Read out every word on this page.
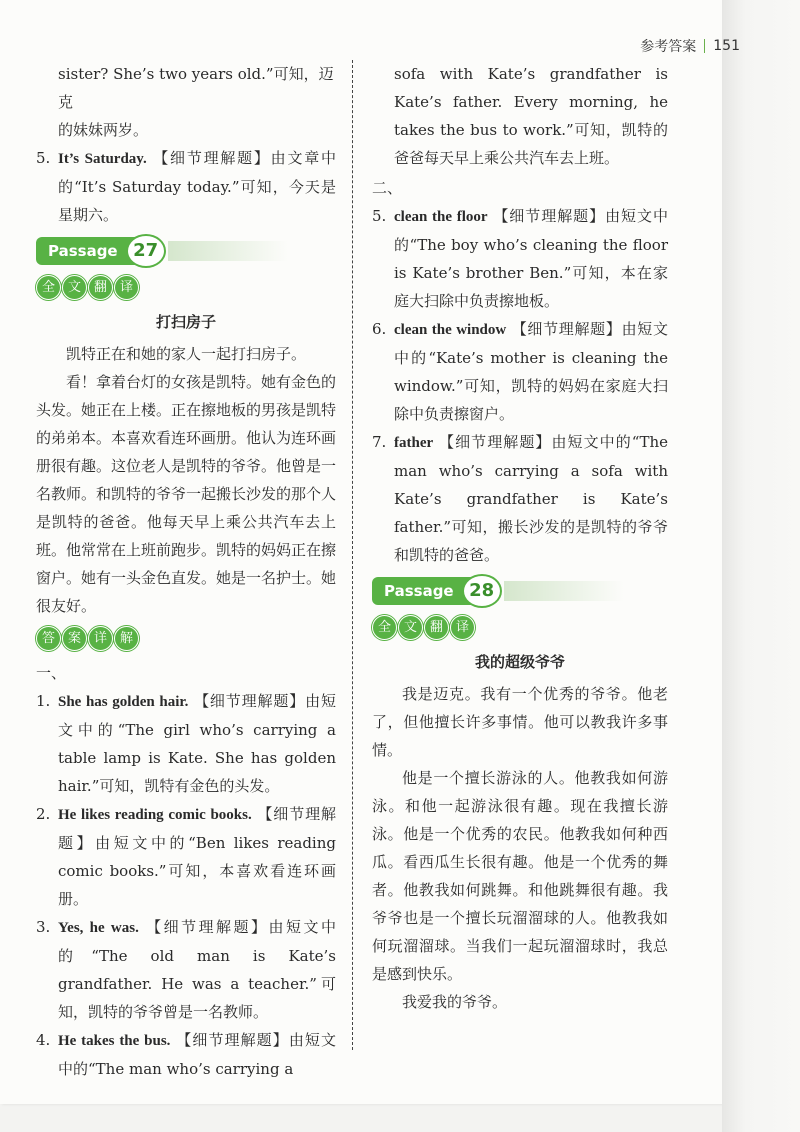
参考答案 151

sister? She’s two years old.”可知，迈克

的妹妹两岁。

5. It’s Saturday. 【细节理解题】由文章中的“It’s Saturday today.”可知，今天是星期六。
Passage 27
全 文 翻 译

打扫房子

凯特正在和她的家人一起打扫房子。

看！拿着台灯的女孩是凯特。她有金色的头发。她正在上楼。正在擦地板的男孩是凯特的弟弟本。本喜欢看连环画册。他认为连环画册很有趣。这位老人是凯特的爷爷。他曾是一名教师。和凯特的爷爷一起搬长沙发的那个人是凯特的爸爸。他每天早上乘公共汽车去上班。他常常在上班前跑步。凯特的妈妈正在擦窗户。她有一头金色直发。她是一名护士。她很友好。

答 案 详 解

一、

1. She has golden hair. 【细节理解题】由短文中的“The girl who’s carrying a table lamp is Kate. She has golden hair.”可知，凯特有金色的头发。
2. He likes reading comic books. 【细节理解题】由短文中的“Ben likes reading comic books.”可知，本喜欢看连环画册。
3. Yes, he was. 【细节理解题】由短文中的“The old man is Kate’s grandfather. He was a teacher.”可知，凯特的爷爷曾是一名教师。
4. He takes the bus. 【细节理解题】由短文中的“The man who’s carrying a

sofa with Kate’s grandfather is Kate’s father. Every morning, he takes the bus to work.”可知，凯特的爸爸每天早上乘公共汽车去上班。

二、

5. clean the floor 【细节理解题】由短文中的“The boy who’s cleaning the floor is Kate’s brother Ben.”可知，本在家庭大扫除中负责擦地板。
6. clean the window 【细节理解题】由短文中的“Kate’s mother is cleaning the window.”可知，凯特的妈妈在家庭大扫除中负责擦窗户。
7. father 【细节理解题】由短文中的“The man who’s carrying a sofa with Kate’s grandfather is Kate’s father.”可知，搬长沙发的是凯特的爷爷和凯特的爸爸。
Passage 28
全 文 翻 译

我的超级爷爷

我是迈克。我有一个优秀的爷爷。他老了，但他擅长许多事情。他可以教我许多事情。

他是一个擅长游泳的人。他教我如何游泳。和他一起游泳很有趣。现在我擅长游泳。他是一个优秀的农民。他教我如何种西瓜。看西瓜生长很有趣。他是一个优秀的舞者。他教我如何跳舞。和他跳舞很有趣。我爷爷也是一个擅长玩溜溜球的人。他教我如何玩溜溜球。当我们一起玩溜溜球时，我总是感到快乐。

我爱我的爷爷。
